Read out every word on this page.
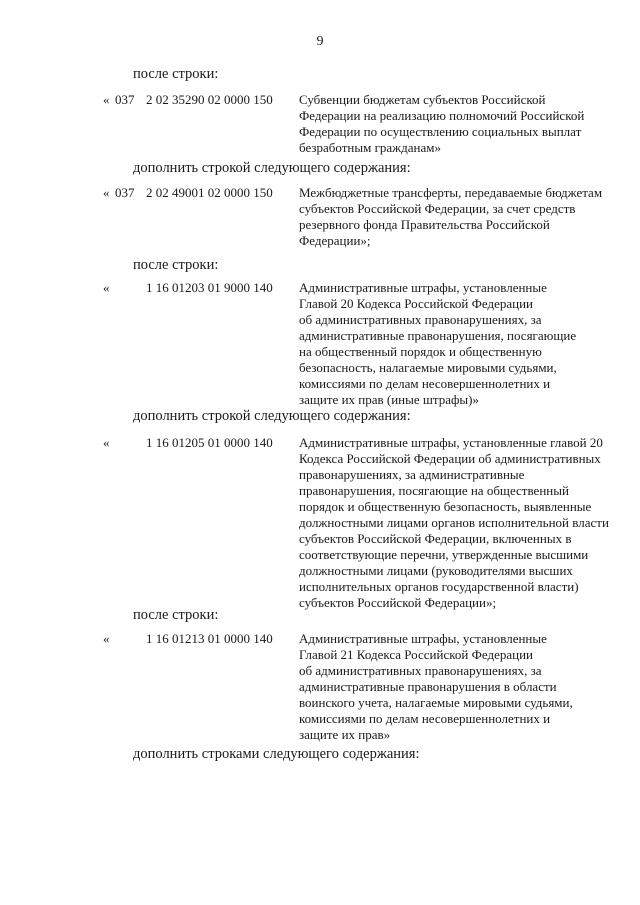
9
после строки:
« 037 2 02 35290 02 0000 150 Субвенции бюджетам субъектов Российской
Федерации на реализацию полномочий Российской
Федерации по осуществлению социальных выплат
безработным гражданам»
дополнить строкой следующего содержания:
« 037 2 02 49001 02 0000 150 Межбюджетные трансферты, передаваемые бюджетам
субъектов Российской Федерации, за счет средств
резервного фонда Правительства Российской
Федерации»;
после строки:
«	1 16 01203 01 9000 140 Административные штрафы, установленные
Главой 20 Кодекса Российской Федерации
об административных правонарушениях, за
административные правонарушения, посягающие
на общественный порядок и общественную
безопасность, налагаемые мировыми судьями,
комиссиями по делам несовершеннолетних и
защите их прав (иные штрафы)»
дополнить строкой следующего содержания:
«	1 16 01205 01 0000 140 Административные штрафы, установленные главой 20
Кодекса Российской Федерации об административных
правонарушениях, за административные
правонарушения, посягающие на общественный
порядок и общественную безопасность, выявленные
должностными лицами органов исполнительной власти
субъектов Российской Федерации, включенных в
соответствующие перечни, утвержденные высшими
должностными лицами (руководителями высших
исполнительных органов государственной власти)
субъектов Российской Федерации»;
после строки:
«	1 16 01213 01 0000 140 Административные штрафы, установленные
Главой 21 Кодекса Российской Федерации
об административных правонарушениях, за
административные правонарушения в области
воинского учета, налагаемые мировыми судьями,
комиссиями по делам несовершеннолетних и
защите их прав»
дополнить строками следующего содержания:
